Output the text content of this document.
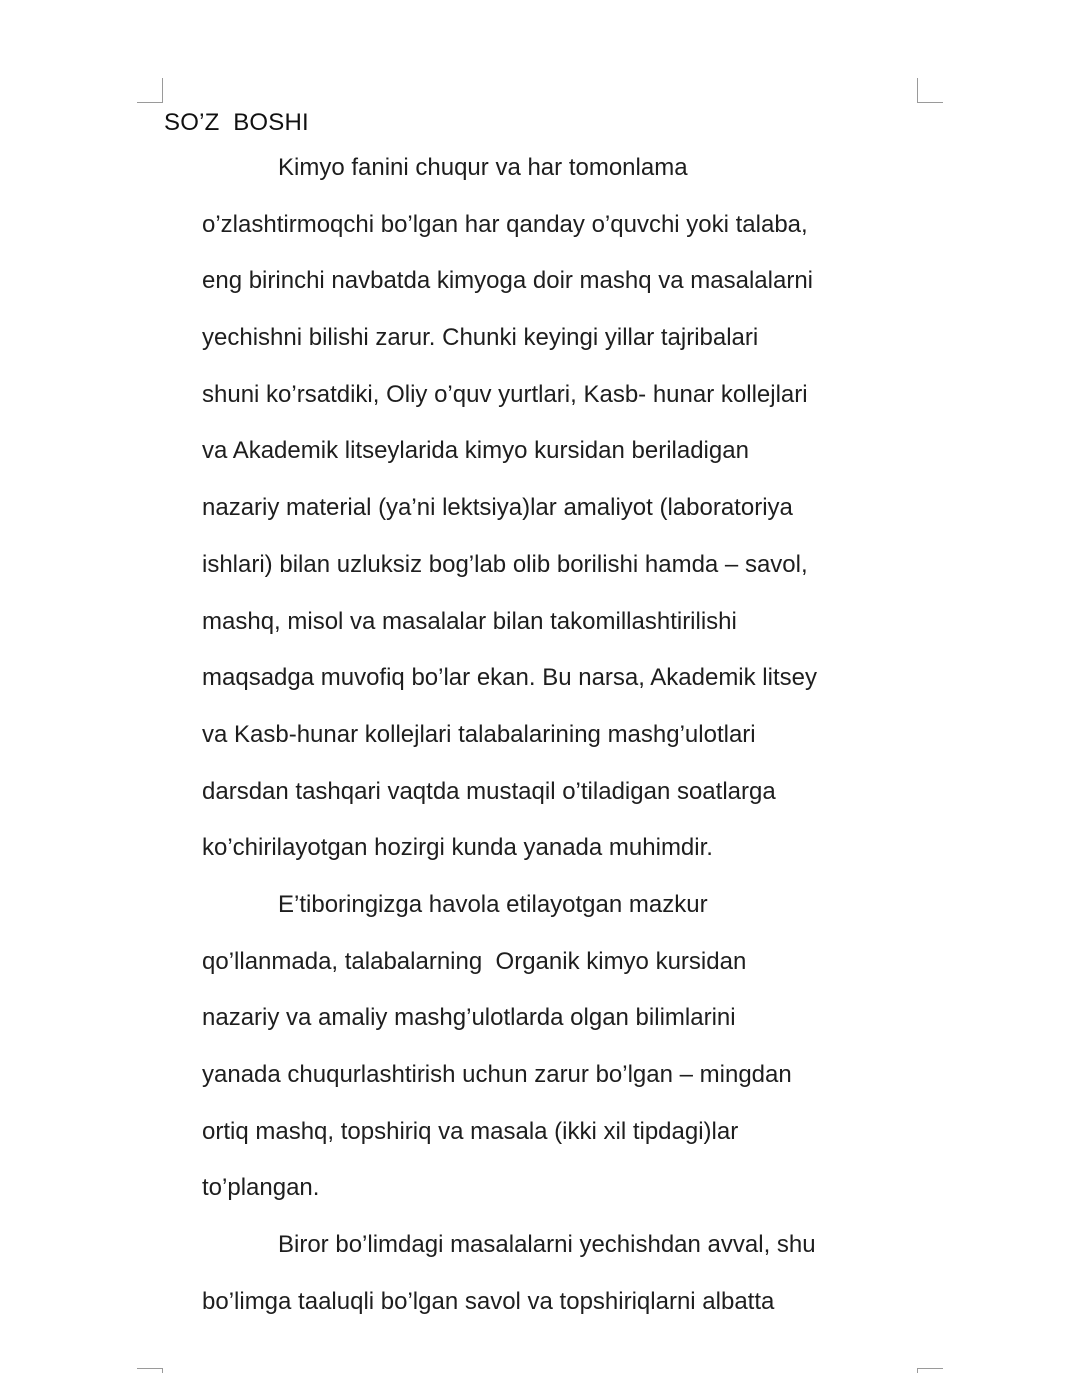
SO’Z  BOSHI
Kimyo fanini chuqur va har tomonlama
o’zlashtirmoqchi bo’lgan har qanday o’quvchi yoki talaba,
eng birinchi navbatda kimyoga doir mashq va masalalarni
yechishni bilishi zarur. Chunki keyingi yillar tajribalari
shuni ko’rsatdiki, Oliy o’quv yurtlari, Kasb- hunar kollejlari
va Akademik litseylarida kimyo kursidan beriladigan
nazariy material (ya’ni lektsiya)lar amaliyot (laboratoriya
ishlari) bilan uzluksiz bog’lab olib borilishi hamda – savol,
mashq, misol va masalalar bilan takomillashtirilishi
maqsadga muvofiq bo’lar ekan. Bu narsa, Akademik litsey
va Kasb-hunar kollejlari talabalarining mashg’ulotlari
darsdan tashqari vaqtda mustaqil o’tiladigan soatlarga
ko’chirilayotgan hozirgi kunda yanada muhimdir.
E’tiboringizga havola etilayotgan mazkur
qo’llanmada, talabalarning  Organik kimyo kursidan
nazariy va amaliy mashg’ulotlarda olgan bilimlarini
yanada chuqurlashtirish uchun zarur bo’lgan – mingdan
ortiq mashq, topshiriq va masala (ikki xil tipdagi)lar
to’plangan.
Biror bo’limdagi masalalarni yechishdan avval, shu
bo’limga taaluqli bo’lgan savol va topshiriqlarni albatta
